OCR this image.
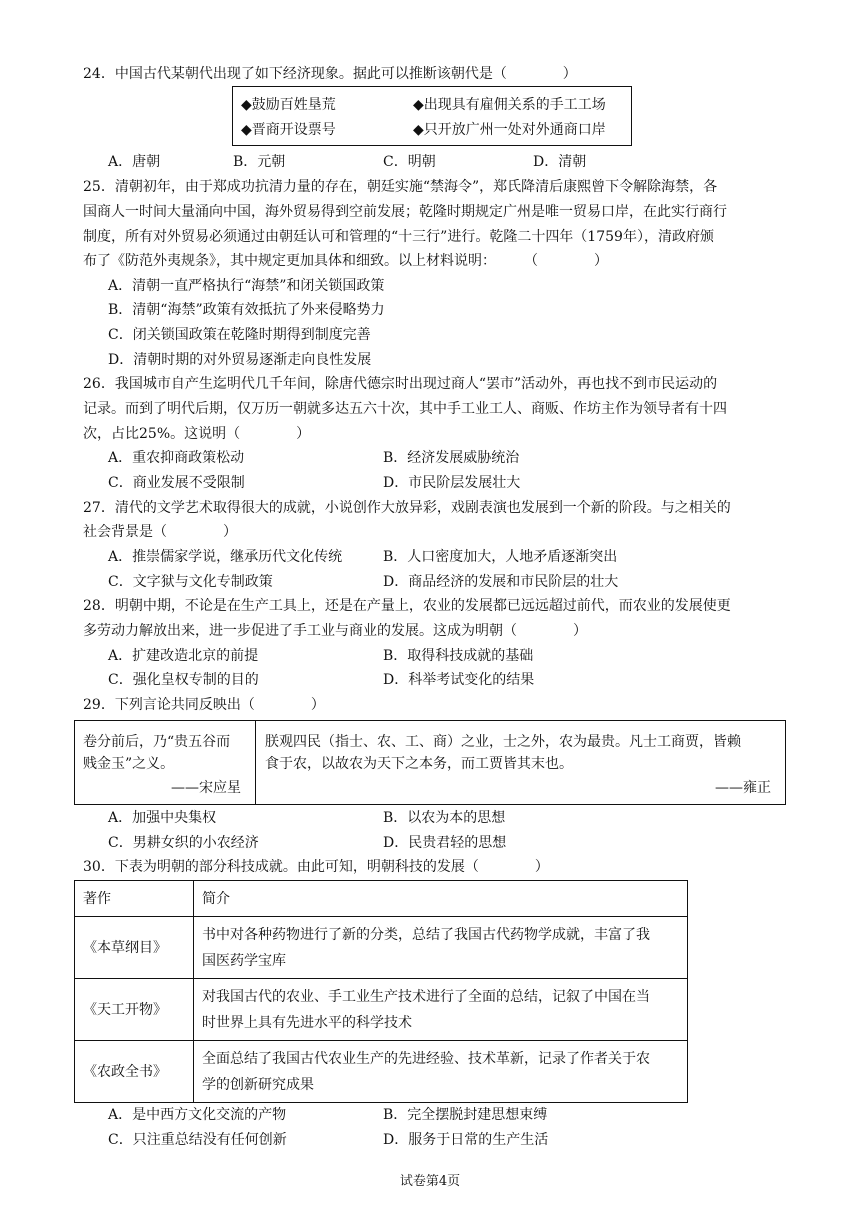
24．中国古代某朝代出现了如下经济现象。据此可以推断该朝代是（　　　　）
◆鼓励百姓垦荒	◆出现具有雇佣关系的手工工场
◆晋商开设票号	◆只开放广州一处对外通商口岸
A．唐朝	B．元朝	C．明朝	D．清朝
25．清朝初年，由于郑成功抗清力量的存在，朝廷实施“禁海令”，郑氏降清后康熙曾下令解除海禁，各
国商人一时间大量涌向中国，海外贸易得到空前发展；乾隆时期规定广州是唯一贸易口岸，在此实行商行
制度，所有对外贸易必须通过由朝廷认可和管理的“十三行”进行。乾隆二十四年（1759年），清政府颁
布了《防范外夷规条》，其中规定更加具体和细致。以上材料说明：　　　（　　　　）
A．清朝一直严格执行“海禁”和闭关锁国政策
B．清朝“海禁”政策有效抵抗了外来侵略势力
C．闭关锁国政策在乾隆时期得到制度完善
D．清朝时期的对外贸易逐渐走向良性发展
26．我国城市自产生迄明代几千年间，除唐代德宗时出现过商人“罢市”活动外，再也找不到市民运动的
记录。而到了明代后期，仅万历一朝就多达五六十次，其中手工业工人、商贩、作坊主作为领导者有十四
次，占比25%。这说明（　　　　）
A．重农抑商政策松动	B．经济发展威胁统治
C．商业发展不受限制	D．市民阶层发展壮大
27．清代的文学艺术取得很大的成就，小说创作大放异彩，戏剧表演也发展到一个新的阶段。与之相关的
社会背景是（　　　　）
A．推崇儒家学说，继承历代文化传统	B．人口密度加大，人地矛盾逐渐突出
C．文字狱与文化专制政策	D．商品经济的发展和市民阶层的壮大
28．明朝中期，不论是在生产工具上，还是在产量上，农业的发展都已远远超过前代，而农业的发展使更
多劳动力解放出来，进一步促进了手工业与商业的发展。这成为明朝（　　　　）
A．扩建改造北京的前提	B．取得科技成就的基础
C．强化皇权专制的目的	D．科举考试变化的结果
29．下列言论共同反映出（　　　　）
卷分前后，乃“贵五谷而
贱金玉”之义。
——宋应星
朕观四民（指士、农、工、商）之业，士之外，农为最贵。凡士工商贾，皆赖
食于农，以故农为天下之本务，而工贾皆其末也。
——雍正
A．加强中央集权	B．以农为本的思想
C．男耕女织的小农经济	D．民贵君轻的思想
30．下表为明朝的部分科技成就。由此可知，明朝科技的发展（　　　　）
著作	简介
《本草纲目》	书中对各种药物进行了新的分类，总结了我国古代药物学成就，丰富了我
国医药学宝库

《天工开物》	对我国古代的农业、手工业生产技术进行了全面的总结，记叙了中国在当
时世界上具有先进水平的科学技术

《农政全书》	全面总结了我国古代农业生产的先进经验、技术革新，记录了作者关于农
学的创新研究成果
A．是中西方文化交流的产物	B．完全摆脱封建思想束缚
C．只注重总结没有任何创新	D．服务于日常的生产生活
试卷第4页
